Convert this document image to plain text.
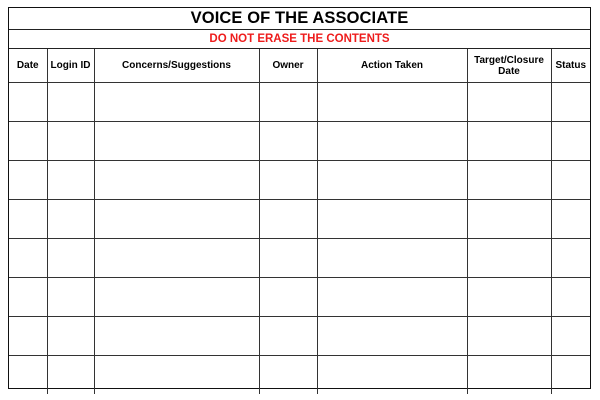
VOICE OF THE ASSOCIATE
DO NOT ERASE THE CONTENTS
Date	Login ID	Concerns/Suggestions	Owner	Action Taken	Target/Closure Date	Status
